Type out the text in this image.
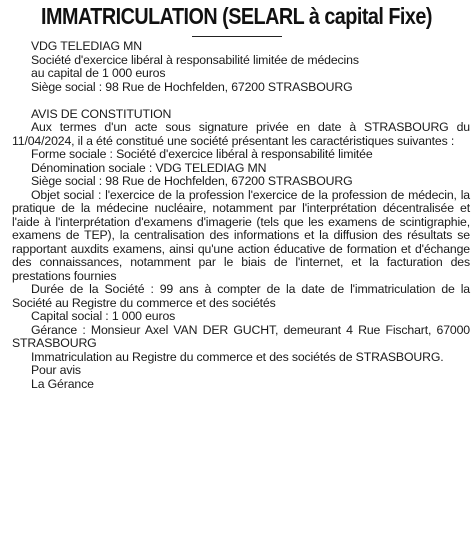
IMMATRICULATION (SELARL à capital Fixe)
VDG TELEDIAG MN
Société d'exercice libéral à responsabilité limitée de médecins
au capital de 1 000 euros
Siège social : 98 Rue de Hochfelden, 67200 STRASBOURG

AVIS DE CONSTITUTION

Aux termes d'un acte sous signature privée en date à STRASBOURG du 11/04/2024, il a été constitué une société présentant les caractéristiques suivantes :

Forme sociale : Société d'exercice libéral à responsabilité limitée

Dénomination sociale : VDG TELEDIAG MN

Siège social : 98 Rue de Hochfelden, 67200 STRASBOURG

Objet social : l'exercice de la profession l'exercice de la profession de médecin, la pratique de la médecine nucléaire, notamment par l'interprétation décentralisée et l'aide à l'interprétation d'examens d'imagerie (tels que les examens de scintigraphie, examens de TEP), la centralisation des informations et la diffusion des résultats se rapportant auxdits examens, ainsi qu'une action éducative de formation et d'échange des connaissances, notamment par le biais de l'internet, et la facturation des prestations fournies

Durée de la Société : 99 ans à compter de la date de l'immatriculation de la Société au Registre du commerce et des sociétés

Capital social : 1 000 euros

Gérance : Monsieur Axel VAN DER GUCHT, demeurant 4 Rue Fischart, 67000 STRASBOURG

Immatriculation au Registre du commerce et des sociétés de STRASBOURG.

Pour avis
La Gérance
